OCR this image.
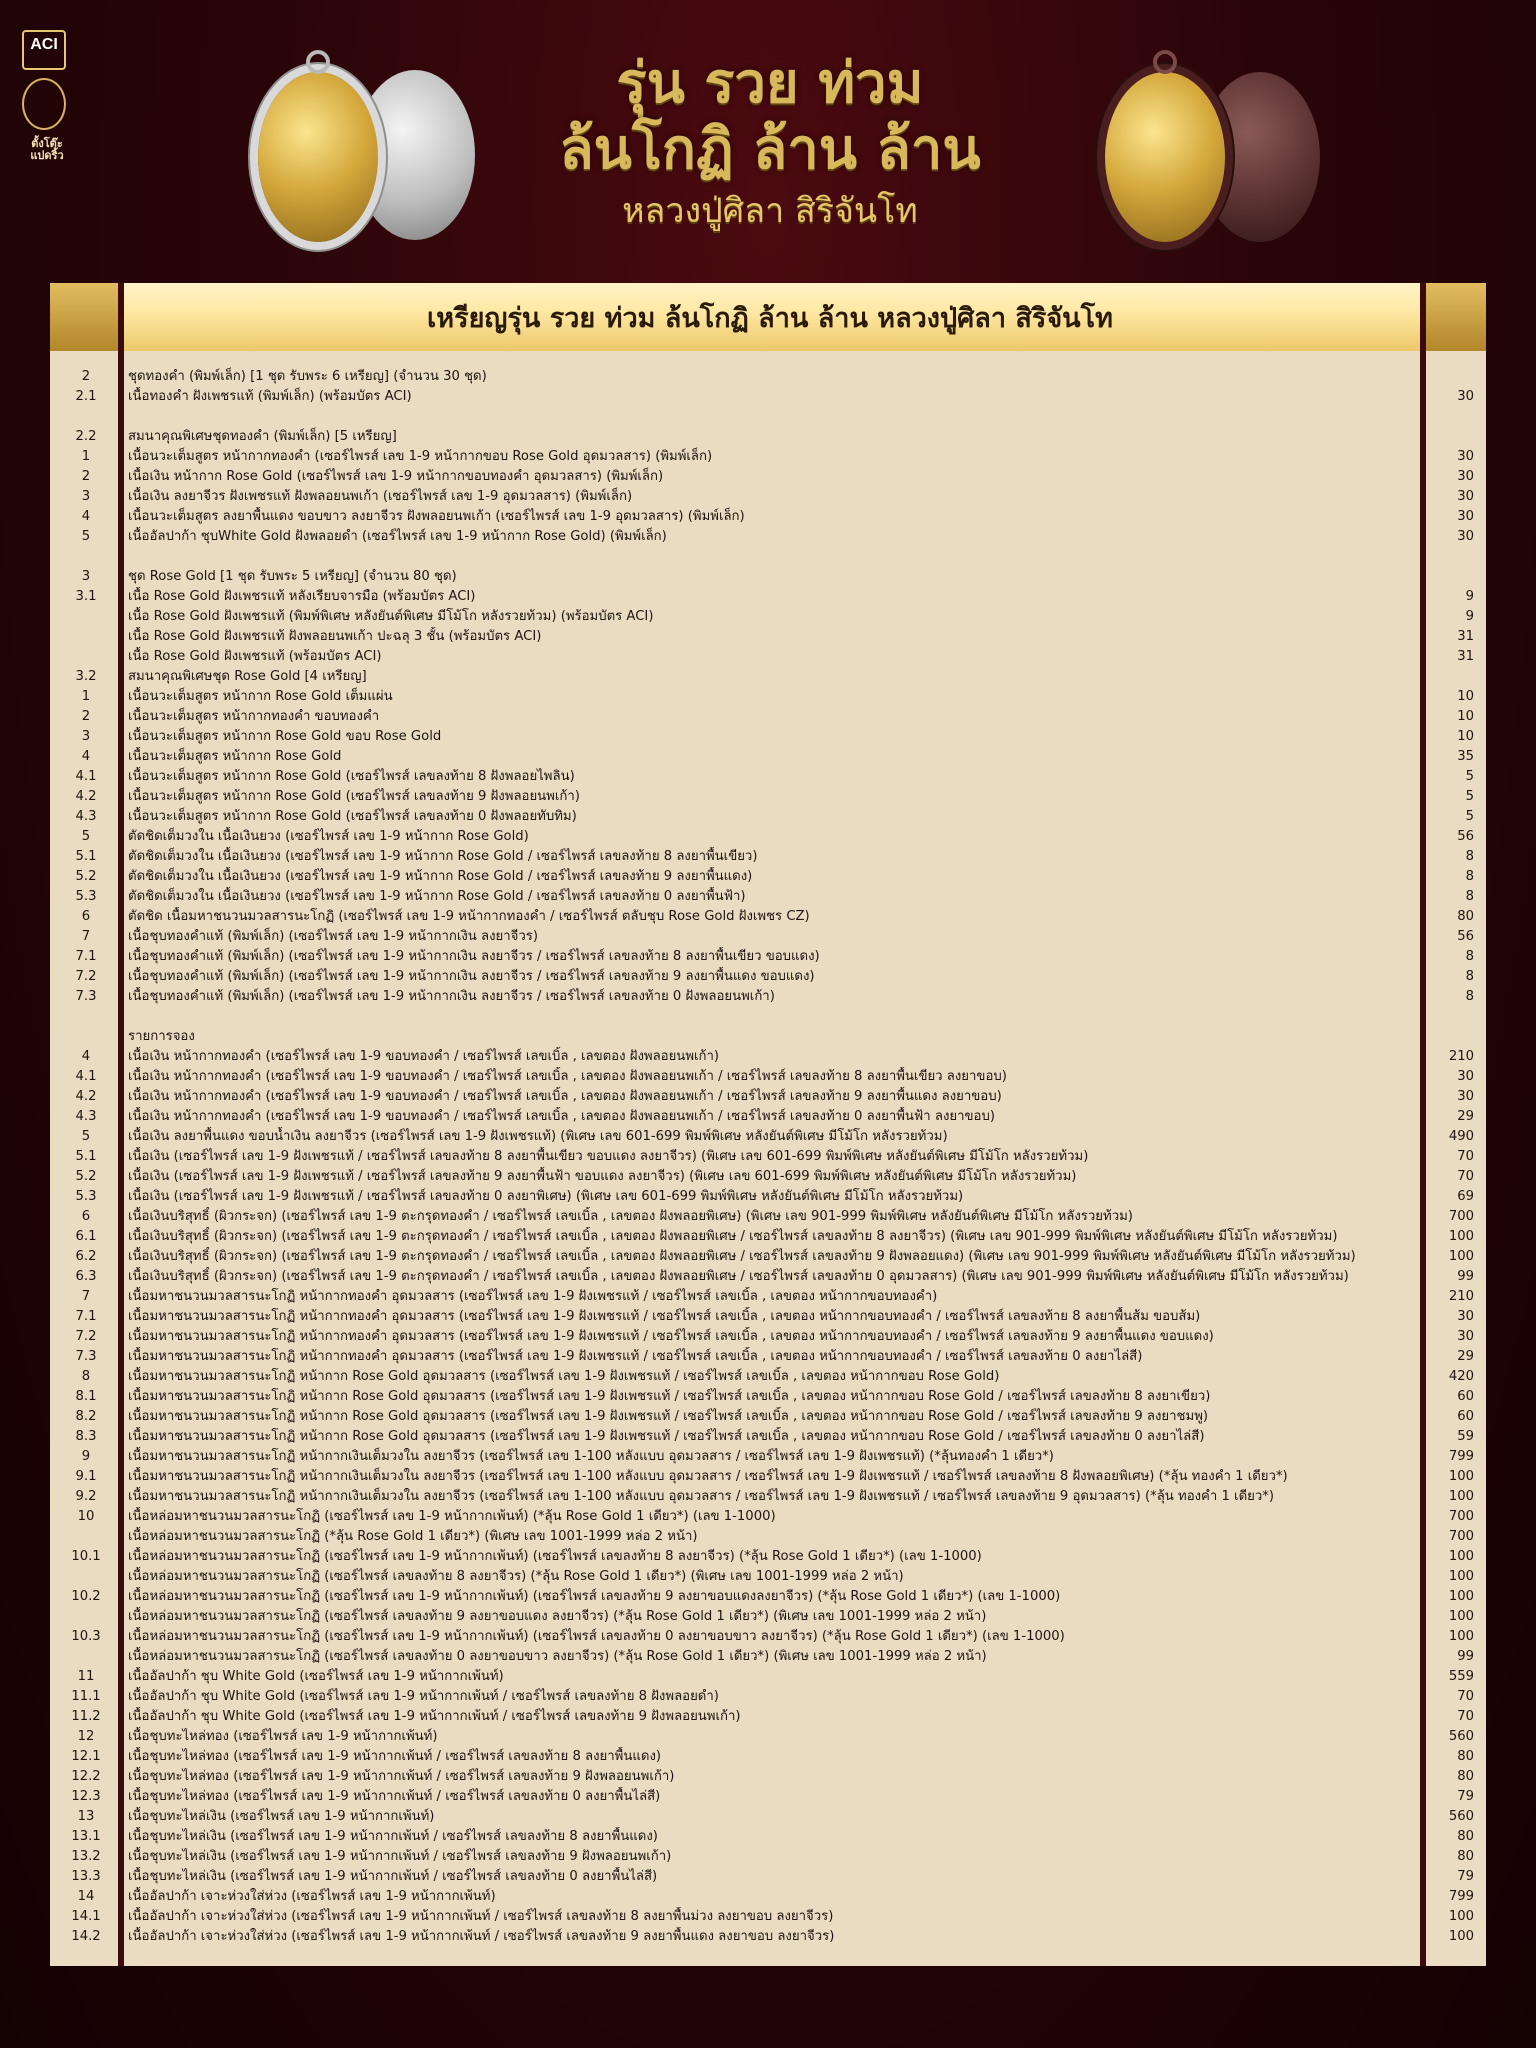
ACI
ตั้งโต๊ะ แปดริ้ว
รุ่น รวย ท่วม
ล้นโกฏิ ล้าน ล้าน
หลวงปู่ศิลา สิริจันโท
เหรียญรุ่น รวย ท่วม ล้นโกฏิ ล้าน ล้าน หลวงปู่ศิลา สิริจันโท
2	ชุดทองคำ (พิมพ์เล็ก) [1 ชุด รับพระ 6 เหรียญ] (จำนวน 30 ชุด)
2.1	เนื้อทองคำ ฝังเพชรแท้ (พิมพ์เล็ก) (พร้อมบัตร ACI)	30
2.2	สมนาคุณพิเศษชุดทองคำ (พิมพ์เล็ก) [5 เหรียญ]
1	เนื้อนวะเต็มสูตร หน้ากากทองคำ (เซอร์ไพรส์ เลข 1-9 หน้ากากขอบ Rose Gold อุดมวลสาร) (พิมพ์เล็ก)	30
2	เนื้อเงิน หน้ากาก Rose Gold (เซอร์ไพรส์ เลข 1-9 หน้ากากขอบทองคำ อุดมวลสาร) (พิมพ์เล็ก)	30
3	เนื้อเงิน ลงยาจีวร ฝังเพชรแท้ ฝังพลอยนพเก้า (เซอร์ไพรส์ เลข 1-9 อุดมวลสาร) (พิมพ์เล็ก)	30
4	เนื้อนวะเต็มสูตร ลงยาพื้นแดง ขอบขาว ลงยาจีวร ฝังพลอยนพเก้า (เซอร์ไพรส์ เลข 1-9 อุดมวลสาร) (พิมพ์เล็ก)	30
5	เนื้ออัลปาก้า ชุบWhite Gold ฝังพลอยดำ (เซอร์ไพรส์ เลข 1-9 หน้ากาก Rose Gold) (พิมพ์เล็ก)	30
3	ชุด Rose Gold [1 ชุด รับพระ 5 เหรียญ] (จำนวน 80 ชุด)
3.1	เนื้อ Rose Gold ฝังเพชรแท้ หลังเรียบจารมือ (พร้อมบัตร ACI)	9
เนื้อ Rose Gold ฝังเพชรแท้ (พิมพ์พิเศษ หลังยันต์พิเศษ มีโม้โก หลังรวยท้วม) (พร้อมบัตร ACI)	9
เนื้อ Rose Gold ฝังเพชรแท้ ฝังพลอยนพเก้า ปะฉลุ 3 ชั้น (พร้อมบัตร ACI)	31
เนื้อ Rose Gold ฝังเพชรแท้ (พร้อมบัตร ACI)	31
3.2	สมนาคุณพิเศษชุด Rose Gold [4 เหรียญ]
1	เนื้อนวะเต็มสูตร หน้ากาก Rose Gold เต็มแผ่น	10
2	เนื้อนวะเต็มสูตร หน้ากากทองคำ ขอบทองคำ	10
3	เนื้อนวะเต็มสูตร หน้ากาก Rose Gold ขอบ Rose Gold	10
4	เนื้อนวะเต็มสูตร หน้ากาก Rose Gold	35
4.1	เนื้อนวะเต็มสูตร หน้ากาก Rose Gold (เซอร์ไพรส์ เลขลงท้าย 8 ฝังพลอยไพลิน)	5
4.2	เนื้อนวะเต็มสูตร หน้ากาก Rose Gold (เซอร์ไพรส์ เลขลงท้าย 9 ฝังพลอยนพเก้า)	5
4.3	เนื้อนวะเต็มสูตร หน้ากาก Rose Gold (เซอร์ไพรส์ เลขลงท้าย 0 ฝังพลอยทับทิม)	5
5	ตัดชิดเต็มวงใน เนื้อเงินยวง (เซอร์ไพรส์ เลข 1-9 หน้ากาก Rose Gold)	56
5.1	ตัดชิดเต็มวงใน เนื้อเงินยวง (เซอร์ไพรส์ เลข 1-9 หน้ากาก Rose Gold / เซอร์ไพรส์ เลขลงท้าย 8 ลงยาพื้นเขียว)	8
5.2	ตัดชิดเต็มวงใน เนื้อเงินยวง (เซอร์ไพรส์ เลข 1-9 หน้ากาก Rose Gold / เซอร์ไพรส์ เลขลงท้าย 9 ลงยาพื้นแดง)	8
5.3	ตัดชิดเต็มวงใน เนื้อเงินยวง (เซอร์ไพรส์ เลข 1-9 หน้ากาก Rose Gold / เซอร์ไพรส์ เลขลงท้าย 0 ลงยาพื้นฟ้า)	8
6	ตัดชิด เนื้อมหาชนวนมวลสารนะโกฏิ (เซอร์ไพรส์ เลข 1-9 หน้ากากทองคำ / เซอร์ไพรส์ ตลับชุบ Rose Gold ฝังเพชร CZ)	80
7	เนื้อชุบทองคำแท้ (พิมพ์เล็ก) (เซอร์ไพรส์ เลข 1-9 หน้ากากเงิน ลงยาจีวร)	56
7.1	เนื้อชุบทองคำแท้ (พิมพ์เล็ก) (เซอร์ไพรส์ เลข 1-9 หน้ากากเงิน ลงยาจีวร / เซอร์ไพรส์ เลขลงท้าย 8 ลงยาพื้นเขียว ขอบแดง)	8
7.2	เนื้อชุบทองคำแท้ (พิมพ์เล็ก) (เซอร์ไพรส์ เลข 1-9 หน้ากากเงิน ลงยาจีวร / เซอร์ไพรส์ เลขลงท้าย 9 ลงยาพื้นแดง ขอบแดง)	8
7.3	เนื้อชุบทองคำแท้ (พิมพ์เล็ก) (เซอร์ไพรส์ เลข 1-9 หน้ากากเงิน ลงยาจีวร / เซอร์ไพรส์ เลขลงท้าย 0 ฝังพลอยนพเก้า)	8
รายการจอง
4	เนื้อเงิน หน้ากากทองคำ (เซอร์ไพรส์ เลข 1-9 ขอบทองคำ / เซอร์ไพรส์ เลขเบิ้ล , เลขตอง ฝังพลอยนพเก้า)	210
4.1	เนื้อเงิน หน้ากากทองคำ (เซอร์ไพรส์ เลข 1-9 ขอบทองคำ / เซอร์ไพรส์ เลขเบิ้ล , เลขตอง ฝังพลอยนพเก้า / เซอร์ไพรส์ เลขลงท้าย 8 ลงยาพื้นเขียว ลงยาขอบ)	30
4.2	เนื้อเงิน หน้ากากทองคำ (เซอร์ไพรส์ เลข 1-9 ขอบทองคำ / เซอร์ไพรส์ เลขเบิ้ล , เลขตอง ฝังพลอยนพเก้า / เซอร์ไพรส์ เลขลงท้าย 9 ลงยาพื้นแดง ลงยาขอบ)	30
4.3	เนื้อเงิน หน้ากากทองคำ (เซอร์ไพรส์ เลข 1-9 ขอบทองคำ / เซอร์ไพรส์ เลขเบิ้ล , เลขตอง ฝังพลอยนพเก้า / เซอร์ไพรส์ เลขลงท้าย 0 ลงยาพื้นฟ้า ลงยาขอบ)	29
5	เนื้อเงิน ลงยาพื้นแดง ขอบน้ำเงิน ลงยาจีวร (เซอร์ไพรส์ เลข 1-9 ฝังเพชรแท้) (พิเศษ เลข 601-699 พิมพ์พิเศษ หลังยันต์พิเศษ มีโม้โก หลังรวยท้วม)	490
5.1	เนื้อเงิน (เซอร์ไพรส์ เลข 1-9 ฝังเพชรแท้ / เซอร์ไพรส์ เลขลงท้าย 8 ลงยาพื้นเขียว ขอบแดง ลงยาจีวร) (พิเศษ เลข 601-699 พิมพ์พิเศษ หลังยันต์พิเศษ มีโม้โก หลังรวยท้วม)	70
5.2	เนื้อเงิน (เซอร์ไพรส์ เลข 1-9 ฝังเพชรแท้ / เซอร์ไพรส์ เลขลงท้าย 9 ลงยาพื้นฟ้า ขอบแดง ลงยาจีวร) (พิเศษ เลข 601-699 พิมพ์พิเศษ หลังยันต์พิเศษ มีโม้โก หลังรวยท้วม)	70
5.3	เนื้อเงิน (เซอร์ไพรส์ เลข 1-9 ฝังเพชรแท้ / เซอร์ไพรส์ เลขลงท้าย 0 ลงยาพิเศษ) (พิเศษ เลข 601-699 พิมพ์พิเศษ หลังยันต์พิเศษ มีโม้โก หลังรวยท้วม)	69
6	เนื้อเงินบริสุทธิ์ (ผิวกระจก) (เซอร์ไพรส์ เลข 1-9 ตะกรุดทองคำ / เซอร์ไพรส์ เลขเบิ้ล , เลขตอง ฝังพลอยพิเศษ) (พิเศษ เลข 901-999 พิมพ์พิเศษ หลังยันต์พิเศษ มีโม้โก หลังรวยท้วม)	700
6.1	เนื้อเงินบริสุทธิ์ (ผิวกระจก) (เซอร์ไพรส์ เลข 1-9 ตะกรุดทองคำ / เซอร์ไพรส์ เลขเบิ้ล , เลขตอง ฝังพลอยพิเศษ / เซอร์ไพรส์ เลขลงท้าย 8 ลงยาจีวร) (พิเศษ เลข 901-999 พิมพ์พิเศษ หลังยันต์พิเศษ มีโม้โก หลังรวยท้วม)	100
6.2	เนื้อเงินบริสุทธิ์ (ผิวกระจก) (เซอร์ไพรส์ เลข 1-9 ตะกรุดทองคำ / เซอร์ไพรส์ เลขเบิ้ล , เลขตอง ฝังพลอยพิเศษ / เซอร์ไพรส์ เลขลงท้าย 9 ฝังพลอยแดง) (พิเศษ เลข 901-999 พิมพ์พิเศษ หลังยันต์พิเศษ มีโม้โก หลังรวยท้วม)	100
6.3	เนื้อเงินบริสุทธิ์ (ผิวกระจก) (เซอร์ไพรส์ เลข 1-9 ตะกรุดทองคำ / เซอร์ไพรส์ เลขเบิ้ล , เลขตอง ฝังพลอยพิเศษ / เซอร์ไพรส์ เลขลงท้าย 0 อุดมวลสาร) (พิเศษ เลข 901-999 พิมพ์พิเศษ หลังยันต์พิเศษ มีโม้โก หลังรวยท้วม)	99
7	เนื้อมหาชนวนมวลสารนะโกฏิ หน้ากากทองคำ อุดมวลสาร (เซอร์ไพรส์ เลข 1-9 ฝังเพชรแท้ / เซอร์ไพรส์ เลขเบิ้ล , เลขตอง หน้ากากขอบทองคำ)	210
7.1	เนื้อมหาชนวนมวลสารนะโกฏิ หน้ากากทองคำ อุดมวลสาร (เซอร์ไพรส์ เลข 1-9 ฝังเพชรแท้ / เซอร์ไพรส์ เลขเบิ้ล , เลขตอง หน้ากากขอบทองคำ / เซอร์ไพรส์ เลขลงท้าย 8 ลงยาพื้นส้ม ขอบส้ม)	30
7.2	เนื้อมหาชนวนมวลสารนะโกฏิ หน้ากากทองคำ อุดมวลสาร (เซอร์ไพรส์ เลข 1-9 ฝังเพชรแท้ / เซอร์ไพรส์ เลขเบิ้ล , เลขตอง หน้ากากขอบทองคำ / เซอร์ไพรส์ เลขลงท้าย 9 ลงยาพื้นแดง ขอบแดง)	30
7.3	เนื้อมหาชนวนมวลสารนะโกฏิ หน้ากากทองคำ อุดมวลสาร (เซอร์ไพรส์ เลข 1-9 ฝังเพชรแท้ / เซอร์ไพรส์ เลขเบิ้ล , เลขตอง หน้ากากขอบทองคำ / เซอร์ไพรส์ เลขลงท้าย 0 ลงยาไล่สี)	29
8	เนื้อมหาชนวนมวลสารนะโกฏิ หน้ากาก Rose Gold อุดมวลสาร (เซอร์ไพรส์ เลข 1-9 ฝังเพชรแท้ / เซอร์ไพรส์ เลขเบิ้ล , เลขตอง หน้ากากขอบ Rose Gold)	420
8.1	เนื้อมหาชนวนมวลสารนะโกฏิ หน้ากาก Rose Gold อุดมวลสาร (เซอร์ไพรส์ เลข 1-9 ฝังเพชรแท้ / เซอร์ไพรส์ เลขเบิ้ล , เลขตอง หน้ากากขอบ Rose Gold / เซอร์ไพรส์ เลขลงท้าย 8 ลงยาเขียว)	60
8.2	เนื้อมหาชนวนมวลสารนะโกฏิ หน้ากาก Rose Gold อุดมวลสาร (เซอร์ไพรส์ เลข 1-9 ฝังเพชรแท้ / เซอร์ไพรส์ เลขเบิ้ล , เลขตอง หน้ากากขอบ Rose Gold / เซอร์ไพรส์ เลขลงท้าย 9 ลงยาชมพู)	60
8.3	เนื้อมหาชนวนมวลสารนะโกฏิ หน้ากาก Rose Gold อุดมวลสาร (เซอร์ไพรส์ เลข 1-9 ฝังเพชรแท้ / เซอร์ไพรส์ เลขเบิ้ล , เลขตอง หน้ากากขอบ Rose Gold / เซอร์ไพรส์ เลขลงท้าย 0 ลงยาไล่สี)	59
9	เนื้อมหาชนวนมวลสารนะโกฏิ หน้ากากเงินเต็มวงใน ลงยาจีวร (เซอร์ไพรส์ เลข 1-100 หลังแบบ อุดมวลสาร / เซอร์ไพรส์ เลข 1-9 ฝังเพชรแท้) (*ลุ้นทองคำ 1 เดียว*)	799
9.1	เนื้อมหาชนวนมวลสารนะโกฏิ หน้ากากเงินเต็มวงใน ลงยาจีวร (เซอร์ไพรส์ เลข 1-100 หลังแบบ อุดมวลสาร / เซอร์ไพรส์ เลข 1-9 ฝังเพชรแท้ / เซอร์ไพรส์ เลขลงท้าย 8 ฝังพลอยพิเศษ) (*ลุ้น ทองคำ 1 เดียว*)	100
9.2	เนื้อมหาชนวนมวลสารนะโกฏิ หน้ากากเงินเต็มวงใน ลงยาจีวร (เซอร์ไพรส์ เลข 1-100 หลังแบบ อุดมวลสาร / เซอร์ไพรส์ เลข 1-9 ฝังเพชรแท้ / เซอร์ไพรส์ เลขลงท้าย 9 อุดมวลสาร) (*ลุ้น ทองคำ 1 เดียว*)	100
10	เนื้อหล่อมหาชนวนมวลสารนะโกฏิ (เซอร์ไพรส์ เลข 1-9 หน้ากากเพ้นท์) (*ลุ้น Rose Gold 1 เดียว*) (เลข 1-1000)	700
เนื้อหล่อมหาชนวนมวลสารนะโกฏิ (*ลุ้น Rose Gold 1 เดียว*) (พิเศษ เลข 1001-1999 หล่อ 2 หน้า)	700
10.1	เนื้อหล่อมหาชนวนมวลสารนะโกฏิ (เซอร์ไพรส์ เลข 1-9 หน้ากากเพ้นท์) (เซอร์ไพรส์ เลขลงท้าย 8 ลงยาจีวร) (*ลุ้น Rose Gold 1 เดียว*) (เลข 1-1000)	100
เนื้อหล่อมหาชนวนมวลสารนะโกฏิ (เซอร์ไพรส์ เลขลงท้าย 8 ลงยาจีวร) (*ลุ้น Rose Gold 1 เดียว*) (พิเศษ เลข 1001-1999 หล่อ 2 หน้า)	100
10.2	เนื้อหล่อมหาชนวนมวลสารนะโกฏิ (เซอร์ไพรส์ เลข 1-9 หน้ากากเพ้นท์) (เซอร์ไพรส์ เลขลงท้าย 9 ลงยาขอบแดงลงยาจีวร) (*ลุ้น Rose Gold 1 เดียว*) (เลข 1-1000)	100
เนื้อหล่อมหาชนวนมวลสารนะโกฏิ (เซอร์ไพรส์ เลขลงท้าย 9 ลงยาขอบแดง ลงยาจีวร) (*ลุ้น Rose Gold 1 เดียว*) (พิเศษ เลข 1001-1999 หล่อ 2 หน้า)	100
10.3	เนื้อหล่อมหาชนวนมวลสารนะโกฏิ (เซอร์ไพรส์ เลข 1-9 หน้ากากเพ้นท์) (เซอร์ไพรส์ เลขลงท้าย 0 ลงยาขอบขาว ลงยาจีวร) (*ลุ้น Rose Gold 1 เดียว*) (เลข 1-1000)	100
เนื้อหล่อมหาชนวนมวลสารนะโกฏิ (เซอร์ไพรส์ เลขลงท้าย 0 ลงยาขอบขาว ลงยาจีวร) (*ลุ้น Rose Gold 1 เดียว*) (พิเศษ เลข 1001-1999 หล่อ 2 หน้า)	99
11	เนื้ออัลปาก้า ชุบ White Gold (เซอร์ไพรส์ เลข 1-9 หน้ากากเพ้นท์)	559
11.1	เนื้ออัลปาก้า ชุบ White Gold (เซอร์ไพรส์ เลข 1-9 หน้ากากเพ้นท์ / เซอร์ไพรส์ เลขลงท้าย 8 ฝังพลอยดำ)	70
11.2	เนื้ออัลปาก้า ชุบ White Gold (เซอร์ไพรส์ เลข 1-9 หน้ากากเพ้นท์ / เซอร์ไพรส์ เลขลงท้าย 9 ฝังพลอยนพเก้า)	70
12	เนื้อชุบทะไหล่ทอง (เซอร์ไพรส์ เลข 1-9 หน้ากากเพ้นท์)	560
12.1	เนื้อชุบทะไหล่ทอง (เซอร์ไพรส์ เลข 1-9 หน้ากากเพ้นท์ / เซอร์ไพรส์ เลขลงท้าย 8 ลงยาพื้นแดง)	80
12.2	เนื้อชุบทะไหล่ทอง (เซอร์ไพรส์ เลข 1-9 หน้ากากเพ้นท์ / เซอร์ไพรส์ เลขลงท้าย 9 ฝังพลอยนพเก้า)	80
12.3	เนื้อชุบทะไหล่ทอง (เซอร์ไพรส์ เลข 1-9 หน้ากากเพ้นท์ / เซอร์ไพรส์ เลขลงท้าย 0 ลงยาพื้นไล่สี)	79
13	เนื้อชุบทะไหล่เงิน (เซอร์ไพรส์ เลข 1-9 หน้ากากเพ้นท์)	560
13.1	เนื้อชุบทะไหล่เงิน (เซอร์ไพรส์ เลข 1-9 หน้ากากเพ้นท์ / เซอร์ไพรส์ เลขลงท้าย 8 ลงยาพื้นแดง)	80
13.2	เนื้อชุบทะไหล่เงิน (เซอร์ไพรส์ เลข 1-9 หน้ากากเพ้นท์ / เซอร์ไพรส์ เลขลงท้าย 9 ฝังพลอยนพเก้า)	80
13.3	เนื้อชุบทะไหล่เงิน (เซอร์ไพรส์ เลข 1-9 หน้ากากเพ้นท์ / เซอร์ไพรส์ เลขลงท้าย 0 ลงยาพื้นไล่สี)	79
14	เนื้ออัลปาก้า เจาะห่วงใส่ห่วง (เซอร์ไพรส์ เลข 1-9 หน้ากากเพ้นท์)	799
14.1	เนื้ออัลปาก้า เจาะห่วงใส่ห่วง (เซอร์ไพรส์ เลข 1-9 หน้ากากเพ้นท์ / เซอร์ไพรส์ เลขลงท้าย 8 ลงยาพื้นม่วง ลงยาขอบ ลงยาจีวร)	100
14.2	เนื้ออัลปาก้า เจาะห่วงใส่ห่วง (เซอร์ไพรส์ เลข 1-9 หน้ากากเพ้นท์ / เซอร์ไพรส์ เลขลงท้าย 9 ลงยาพื้นแดง ลงยาขอบ ลงยาจีวร)	100
